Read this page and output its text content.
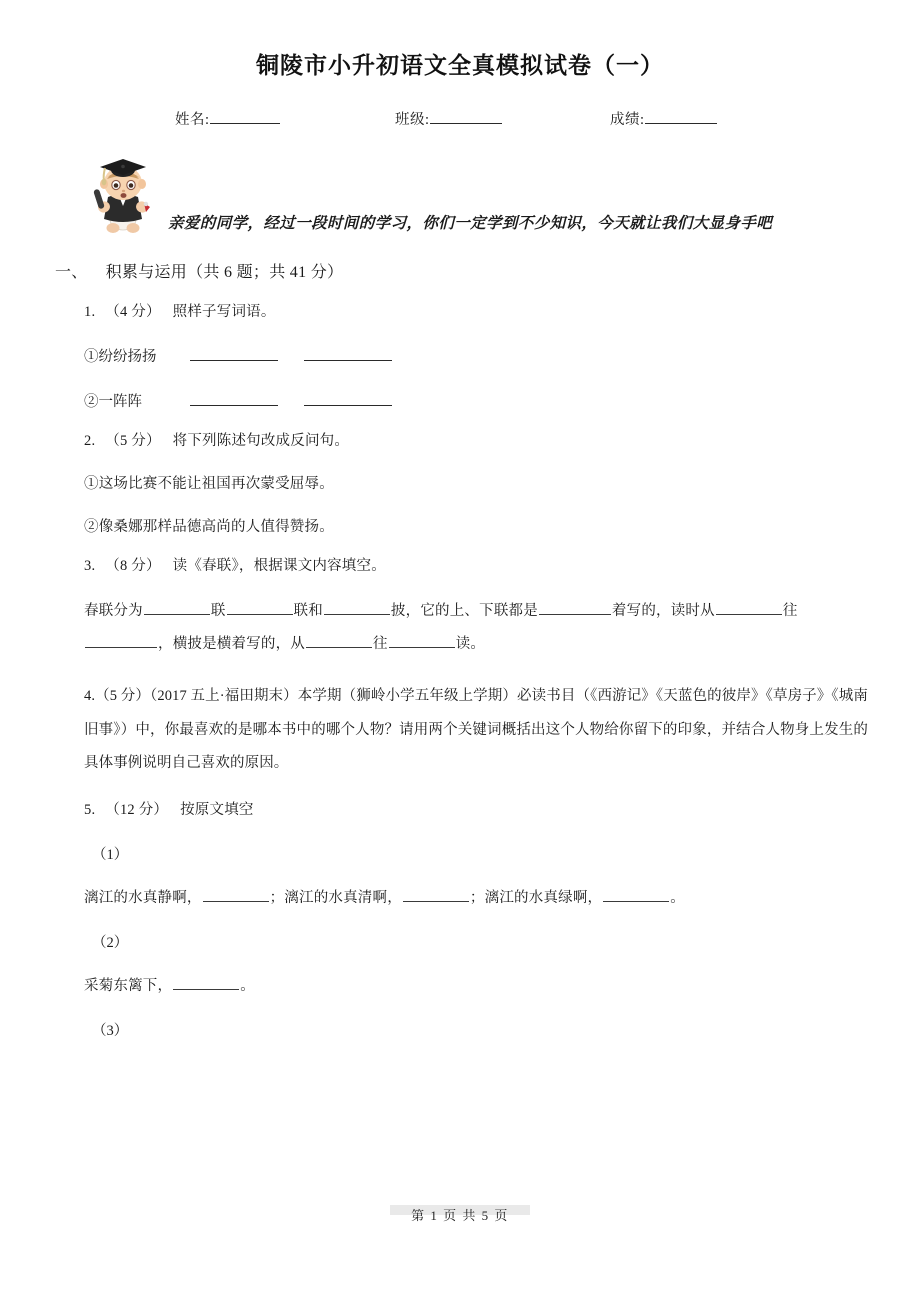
铜陵市小升初语文全真模拟试卷（一）
姓名:	班级:	成绩:
亲爱的同学，经过一段时间的学习，你们一定学到不少知识，今天就让我们大显身手吧
一、 积累与运用（共 6 题；共 41 分）
1. （4 分） 照样子写词语。
①纷纷扬扬
②一阵阵
2. （5 分） 将下列陈述句改成反问句。
①这场比赛不能让祖国再次蒙受屈辱。
②像桑娜那样品德高尚的人值得赞扬。
3. （8 分） 读《春联》，根据课文内容填空。
春联分为	联	联和	披，它的上、下联都是	着写的，读时从	往，横披是横着写的，从	往	读。
4.（5 分）（2017 五上·福田期末）本学期（狮岭小学五年级上学期）必读书目（《西游记》《天蓝色的彼岸》《草房子》《城南旧事》）中，你最喜欢的是哪本书中的哪个人物？请用两个关键词概括出这个人物给你留下的印象，并结合人物身上发生的具体事例说明自己喜欢的原因。
5. （12 分） 按原文填空
（1）
漓江的水真静啊，	；漓江的水真清啊，	；漓江的水真绿啊，	。
（2）
采菊东篱下，	。
（3）
第 1 页 共 5 页
